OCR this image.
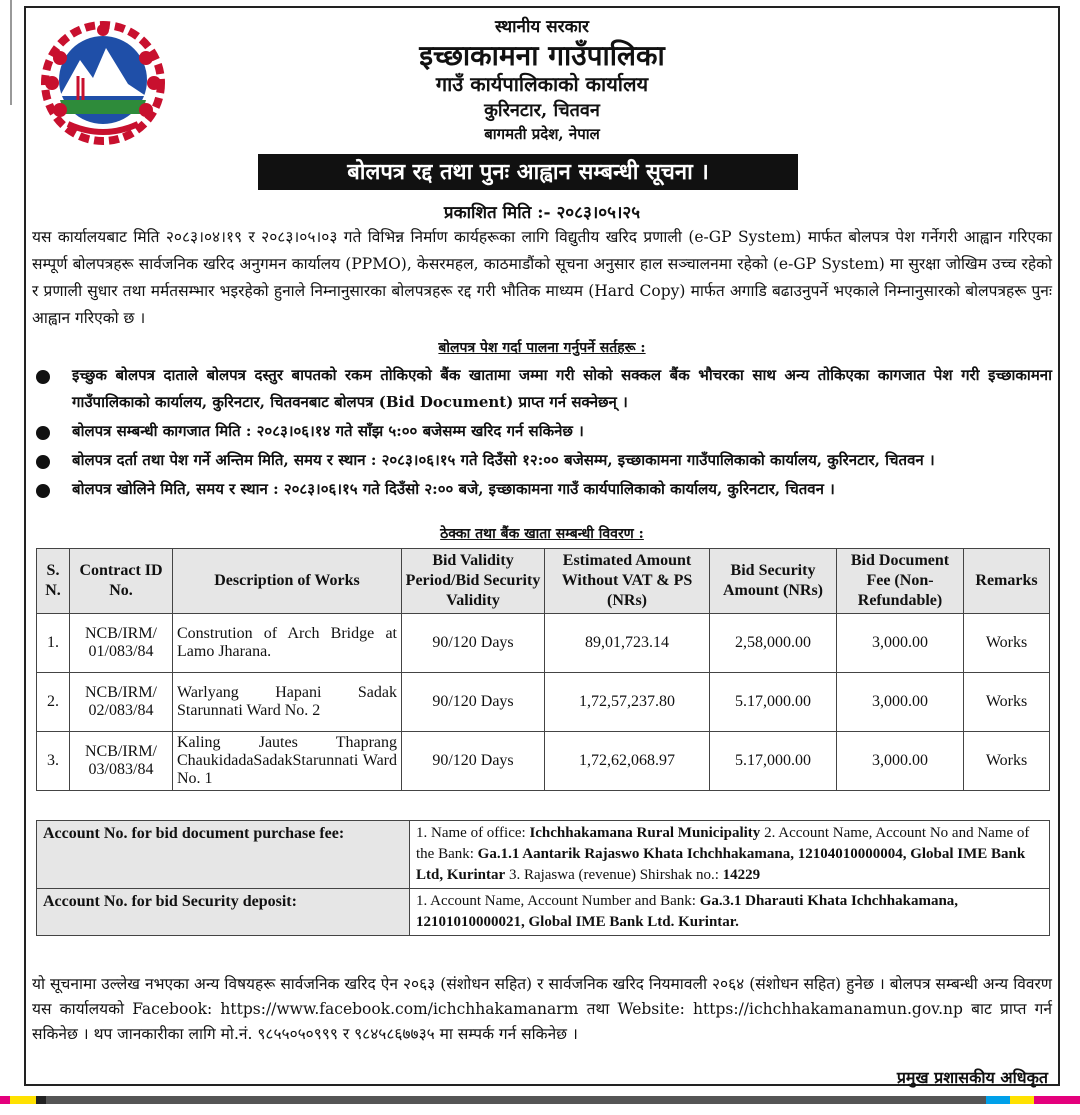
स्थानीय सरकार
इच्छाकामना गाउँपालिका
गाउँ कार्यपालिकाको कार्यालय
कुरिनटार, चितवन
बागमती प्रदेश, नेपाल
बोलपत्र रद्द तथा पुनः आह्वान सम्बन्धी सूचना ।
प्रकाशित मिति :- २०८३।०५।२५
यस कार्यालयबाट मिति २०८३।०४।१९ र २०८३।०५।०३ गते विभिन्न निर्माण कार्यहरूका लागि विद्युतीय खरिद प्रणाली (e-GP System) मार्फत बोलपत्र पेश गर्नेगरी आह्वान गरिएका सम्पूर्ण बोलपत्रहरू सार्वजनिक खरिद अनुगमन कार्यालय (PPMO), केसरमहल, काठमाडौंको सूचना अनुसार हाल सञ्चालनमा रहेको (e-GP System) मा सुरक्षा जोखिम उच्च रहेको र प्रणाली सुधार तथा मर्मतसम्भार भइरहेको हुनाले निम्नानुसारका बोलपत्रहरू रद्द गरी भौतिक माध्यम (Hard Copy) मार्फत अगाडि बढाउनुपर्ने भएकाले निम्नानुसारको बोलपत्रहरू पुनः आह्वान गरिएको छ ।
बोलपत्र पेश गर्दा पालना गर्नुपर्ने सर्तहरू :
इच्छुक बोलपत्र दाताले बोलपत्र दस्तुर बापतको रकम तोकिएको बैंक खातामा जम्मा गरी सोको सक्कल बैंक भौचरका साथ अन्य तोकिएका कागजात पेश गरी इच्छाकामना गाउँपालिकाको कार्यालय, कुरिनटार, चितवनबाट बोलपत्र (Bid Document) प्राप्त गर्न सक्नेछन् ।
बोलपत्र सम्बन्धी कागजात मिति : २०८३।०६।१४ गते साँझ ५:०० बजेसम्म खरिद गर्न सकिनेछ ।
बोलपत्र दर्ता तथा पेश गर्ने अन्तिम मिति, समय र स्थान : २०८३।०६।१५ गते दिउँसो १२:०० बजेसम्म, इच्छाकामना गाउँपालिकाको कार्यालय, कुरिनटार, चितवन ।
बोलपत्र खोलिने मिति, समय र स्थान : २०८३।०६।१५ गते दिउँसो २:०० बजे, इच्छाकामना गाउँ कार्यपालिकाको कार्यालय, कुरिनटार, चितवन ।
ठेक्का तथा बैंक खाता सम्बन्धी विवरण :
S. N.	Contract ID No.	Description of Works	Bid Validity Period/Bid Security Validity	Estimated Amount Without VAT & PS (NRs)	Bid Security Amount (NRs)	Bid Document Fee (Non-Refundable)	Remarks
1.	NCB/IRM/ 01/083/84	Constrution of Arch Bridge at Lamo Jharana.	90/120 Days	89,01,723.14	2,58,000.00	3,000.00	Works
2.	NCB/IRM/ 02/083/84	Warlyang Hapani Sadak Starunnati Ward No. 2	90/120 Days	1,72,57,237.80	5.17,000.00	3,000.00	Works
3.	NCB/IRM/ 03/083/84	Kaling Jautes Thaprang ChaukidadaSadakStarunnati Ward No. 1	90/120 Days	1,72,62,068.97	5.17,000.00	3,000.00	Works
Account No. for bid document purchase fee:	1. Name of office: Ichchhakamana Rural Municipality 2. Account Name, Account No and Name of the Bank: Ga.1.1 Aantarik Rajaswo Khata Ichchhakamana, 12104010000004, Global IME Bank Ltd, Kurintar 3. Rajaswa (revenue) Shirshak no.: 14229
Account No. for bid Security deposit:	1. Account Name, Account Number and Bank: Ga.3.1 Dharauti Khata Ichchhakamana, 12101010000021, Global IME Bank Ltd. Kurintar.
यो सूचनामा उल्लेख नभएका अन्य विषयहरू सार्वजनिक खरिद ऐन २०६३ (संशोधन सहित) र सार्वजनिक खरिद नियमावली २०६४ (संशोधन सहित) हुनेछ । बोलपत्र सम्बन्धी अन्य विवरण यस कार्यालयको Facebook: https://www.facebook.com/ichchhakamanarm तथा Website: https://ichchhakamanamun.gov.np बाट प्राप्त गर्न सकिनेछ । थप जानकारीका लागि मो.नं. ९८५५०५०९९९ र ९८४५८६७७३५ मा सम्पर्क गर्न सकिनेछ ।
प्रमुख प्रशासकीय अधिकृत
